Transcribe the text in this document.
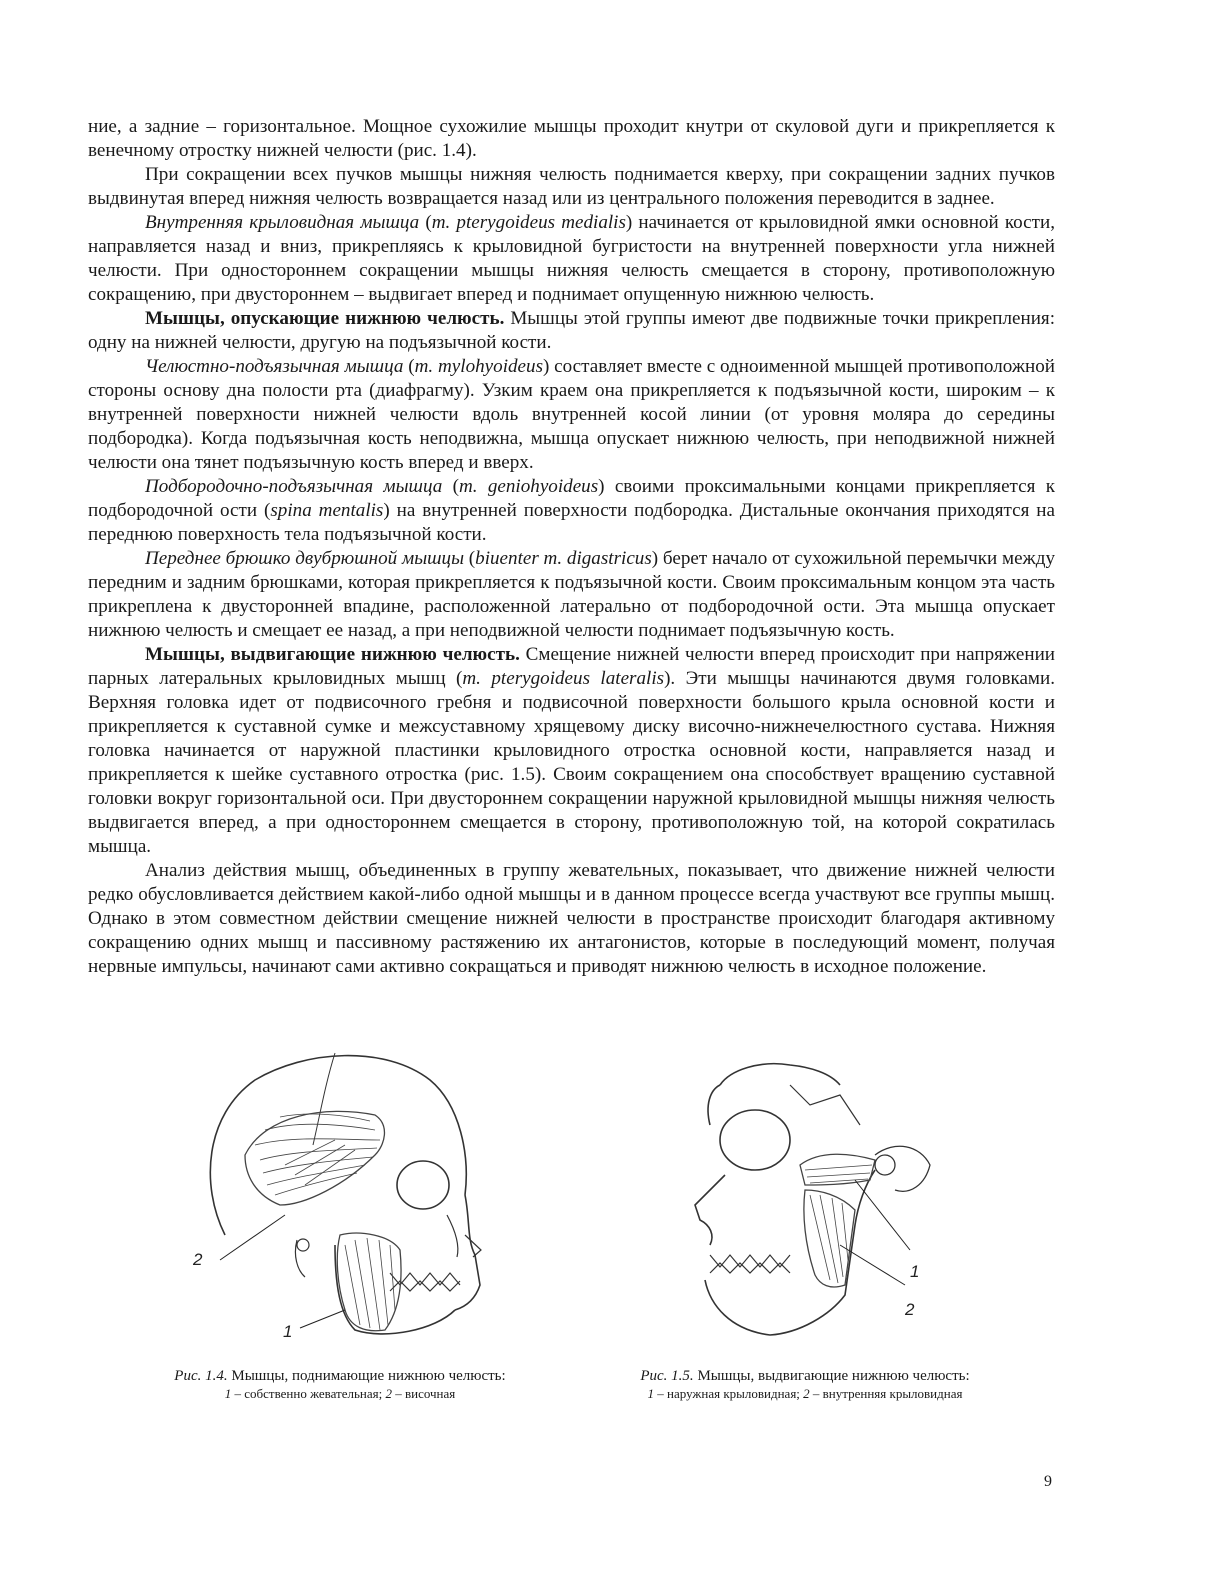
ние, а задние – горизонтальное. Мощное сухожилие мышцы проходит кнутри от скуловой дуги и прикрепляется к венечному отростку нижней челюсти (рис. 1.4).

При сокращении всех пучков мышцы нижняя челюсть поднимается кверху, при сокращении задних пучков выдвинутая вперед нижняя челюсть возвращается назад или из центрального положения переводится в заднее.

Внутренняя крыловидная мышца (m. pterygoideus medialis) начинается от крыловидной ямки основной кости, направляется назад и вниз, прикрепляясь к крыловидной бугристости на внутренней поверхности угла нижней челюсти. При одностороннем сокращении мышцы нижняя челюсть смещается в сторону, противоположную сокращению, при двустороннем – выдвигает вперед и поднимает опущенную нижнюю челюсть.

Мышцы, опускающие нижнюю челюсть. Мышцы этой группы имеют две подвижные точки прикрепления: одну на нижней челюсти, другую на подъязычной кости.

Челюстно-подъязычная мышца (m. mylohyoideus) составляет вместе с одноименной мышцей противоположной стороны основу дна полости рта (диафрагму). Узким краем она прикрепляется к подъязычной кости, широким – к внутренней поверхности нижней челюсти вдоль внутренней косой линии (от уровня моляра до середины подбородка). Когда подъязычная кость неподвижна, мышца опускает нижнюю челюсть, при неподвижной нижней челюсти она тянет подъязычную кость вперед и вверх.

Подбородочно-подъязычная мышца (m. geniohyoideus) своими проксимальными концами прикрепляется к подбородочной ости (spina mentalis) на внутренней поверхности подбородка. Дистальные окончания приходятся на переднюю поверхность тела подъязычной кости.

Переднее брюшко двубрюшной мышцы (biuenter m. digastricus) берет начало от сухожильной перемычки между передним и задним брюшками, которая прикрепляется к подъязычной кости. Своим проксимальным концом эта часть прикреплена к двусторонней впадине, расположенной латерально от подбородочной ости. Эта мышца опускает нижнюю челюсть и смещает ее назад, а при неподвижной челюсти поднимает подъязычную кость.

Мышцы, выдвигающие нижнюю челюсть. Смещение нижней челюсти вперед происходит при напряжении парных латеральных крыловидных мышц (m. pterygoideus lateralis). Эти мышцы начинаются двумя головками. Верхняя головка идет от подвисочного гребня и подвисочной поверхности большого крыла основной кости и прикрепляется к суставной сумке и межсуставному хрящевому диску височно-нижнечелюстного сустава. Нижняя головка начинается от наружной пластинки крыловидного отростка основной кости, направляется назад и прикрепляется к шейке суставного отростка (рис. 1.5). Своим сокращением она способствует вращению суставной головки вокруг горизонтальной оси. При двустороннем сокращении наружной крыловидной мышцы нижняя челюсть выдвигается вперед, а при одностороннем смещается в сторону, противоположную той, на которой сократилась мышца.

Анализ действия мышц, объединенных в группу жевательных, показывает, что движение нижней челюсти редко обусловливается действием какой-либо одной мышцы и в данном процессе всегда участвуют все группы мышц. Однако в этом совместном действии смещение нижней челюсти в пространстве происходит благодаря активному сокращению одних мышц и пассивному растяжению их антагонистов, которые в последующий момент, получая нервные импульсы, начинают сами активно сокращаться и приводят нижнюю челюсть в исходное положение.

2
1
1
2
Рис. 1.4. Мышцы, поднимающие нижнюю челюсть:
1 – собственно жевательная; 2 – височная
Рис. 1.5. Мышцы, выдвигающие нижнюю челюсть:
1 – наружная крыловидная; 2 – внутренняя крыловидная
9
